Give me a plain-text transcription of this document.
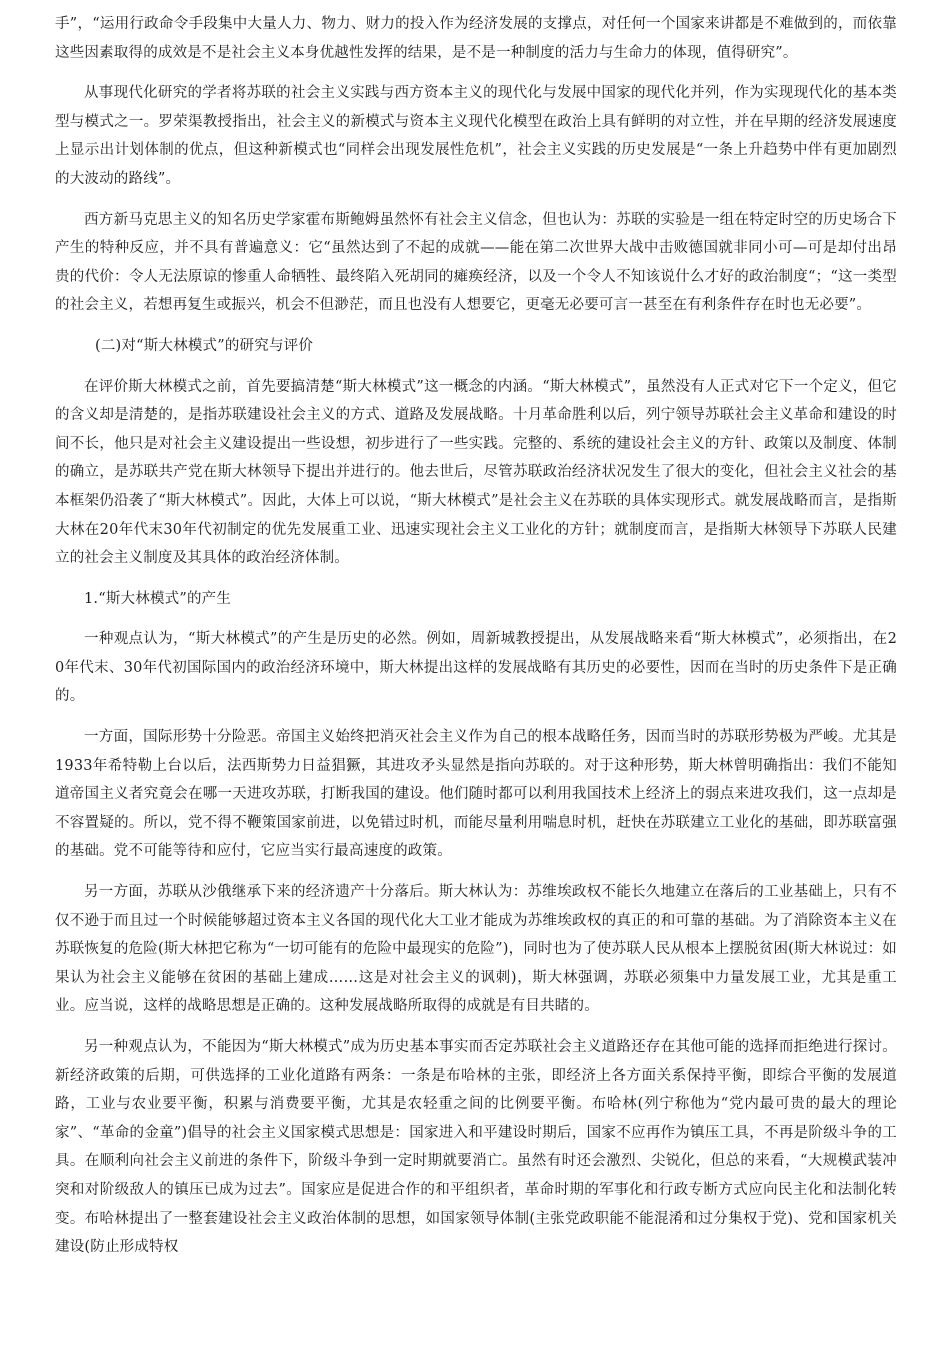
手”，“运用行政命令手段集中大量人力、物力、财力的投入作为经济发展的支撑点，对任何一个国家来讲都是不难做到的，而依靠这些因素取得的成效是不是社会主义本身优越性发挥的结果，是不是一种制度的活力与生命力的体现，值得研究”。

从事现代化研究的学者将苏联的社会主义实践与西方资本主义的现代化与发展中国家的现代化并列，作为实现现代化的基本类型与模式之一。罗荣渠教授指出，社会主义的新模式与资本主义现代化模型在政治上具有鲜明的对立性，并在早期的经济发展速度上显示出计划体制的优点，但这种新模式也“同样会出现发展性危机”，社会主义实践的历史发展是“一条上升趋势中伴有更加剧烈的大波动的路线”。

西方新马克思主义的知名历史学家霍布斯鲍姆虽然怀有社会主义信念，但也认为：苏联的实验是一组在特定时空的历史场合下产生的特种反应，并不具有普遍意义：它“虽然达到了不起的成就——能在第二次世界大战中击败德国就非同小可—可是却付出昂贵的代价：令人无法原谅的惨重人命牺牲、最终陷入死胡同的瘫痪经济，以及一个令人不知该说什么才好的政治制度“；“这一类型的社会主义，若想再复生或振兴，机会不但渺茫，而且也没有人想要它，更毫无必要可言一甚至在有利条件存在时也无必要”。

(二)对“斯大林模式”的研究与评价

在评价斯大林模式之前，首先要搞清楚“斯大林模式”这一概念的内涵。“斯大林模式”，虽然没有人正式对它下一个定义，但它的含义却是清楚的，是指苏联建设社会主义的方式、道路及发展战略。十月革命胜利以后，列宁领导苏联社会主义革命和建设的时间不长，他只是对社会主义建设提出一些设想，初步进行了一些实践。完整的、系统的建设社会主义的方针、政策以及制度、体制的确立，是苏联共产党在斯大林领导下提出并进行的。他去世后，尽管苏联政治经济状况发生了很大的变化，但社会主义社会的基本框架仍沿袭了“斯大林模式”。因此，大体上可以说，“斯大林模式”是社会主义在苏联的具体实现形式。就发展战略而言，是指斯大林在20年代末30年代初制定的优先发展重工业、迅速实现社会主义工业化的方针；就制度而言，是指斯大林领导下苏联人民建立的社会主义制度及其具体的政治经济体制。

1.“斯大林模式”的产生

一种观点认为，“斯大林模式”的产生是历史的必然。例如，周新城教授提出，从发展战略来看“斯大林模式”，必须指出，在20年代末、30年代初国际国内的政治经济环境中，斯大林提出这样的发展战略有其历史的必要性，因而在当时的历史条件下是正确的。

一方面，国际形势十分险恶。帝国主义始终把消灭社会主义作为自己的根本战略任务，因而当时的苏联形势极为严峻。尤其是1933年希特勒上台以后，法西斯势力日益猖獗，其进攻矛头显然是指向苏联的。对于这种形势，斯大林曾明确指出：我们不能知道帝国主义者究竟会在哪一天进攻苏联，打断我国的建设。他们随时都可以利用我国技术上经济上的弱点来进攻我们，这一点却是不容置疑的。所以，党不得不鞭策国家前进，以免错过时机，而能尽量利用喘息时机，赶快在苏联建立工业化的基础，即苏联富强的基础。党不可能等待和应付，它应当实行最高速度的政策。

另一方面，苏联从沙俄继承下来的经济遗产十分落后。斯大林认为：苏维埃政权不能长久地建立在落后的工业基础上，只有不仅不逊于而且过一个时候能够超过资本主义各国的现代化大工业才能成为苏维埃政权的真正的和可靠的基础。为了消除资本主义在苏联恢复的危险(斯大林把它称为“一切可能有的危险中最现实的危险”)，同时也为了使苏联人民从根本上摆脱贫困(斯大林说过：如果认为社会主义能够在贫困的基础上建成……这是对社会主义的讽刺)，斯大林强调，苏联必须集中力量发展工业，尤其是重工业。应当说，这样的战略思想是正确的。这种发展战略所取得的成就是有目共睹的。

另一种观点认为，不能因为“斯大林模式”成为历史基本事实而否定苏联社会主义道路还存在其他可能的选择而拒绝进行探讨。新经济政策的后期，可供选择的工业化道路有两条：一条是布哈林的主张，即经济上各方面关系保持平衡，即综合平衡的发展道路，工业与农业要平衡，积累与消费要平衡，尤其是农轻重之间的比例要平衡。布哈林(列宁称他为“党内最可贵的最大的理论家”、“革命的金童”)倡导的社会主义国家模式思想是：国家进入和平建设时期后，国家不应再作为镇压工具，不再是阶级斗争的工具。在顺利向社会主义前进的条件下，阶级斗争到一定时期就要消亡。虽然有时还会激烈、尖锐化，但总的来看，“大规模武装冲突和对阶级敌人的镇压已成为过去”。国家应是促进合作的和平组织者，革命时期的军事化和行政专断方式应向民主化和法制化转变。布哈林提出了一整套建设社会主义政治体制的思想，如国家领导体制(主张党政职能不能混淆和过分集权于党)、党和国家机关建设(防止形成特权
